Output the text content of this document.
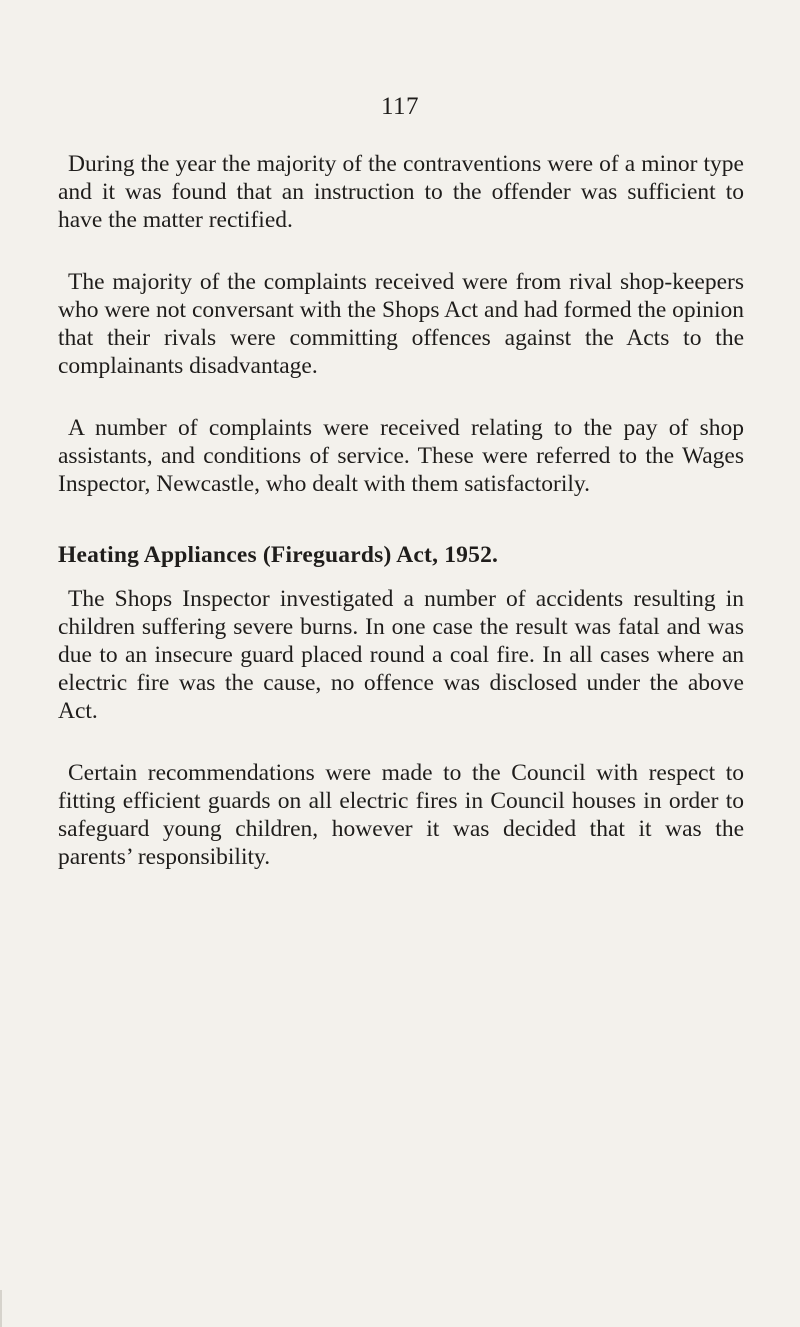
117

During the year the majority of the contraventions were of a minor type and it was found that an instruction to the offender was sufficient to have the matter rectified.

The majority of the complaints received were from rival shop-keepers who were not conversant with the Shops Act and had formed the opinion that their rivals were committing offences against the Acts to the complainants disadvantage.

A number of complaints were received relating to the pay of shop assistants, and conditions of service. These were referred to the Wages Inspector, Newcastle, who dealt with them satisfactorily.

Heating Appliances (Fireguards) Act, 1952.

The Shops Inspector investigated a number of accidents resulting in children suffering severe burns. In one case the result was fatal and was due to an insecure guard placed round a coal fire. In all cases where an electric fire was the cause, no offence was disclosed under the above Act.

Certain recommendations were made to the Council with respect to fitting efficient guards on all electric fires in Council houses in order to safeguard young children, however it was decided that it was the parents’ responsibility.
